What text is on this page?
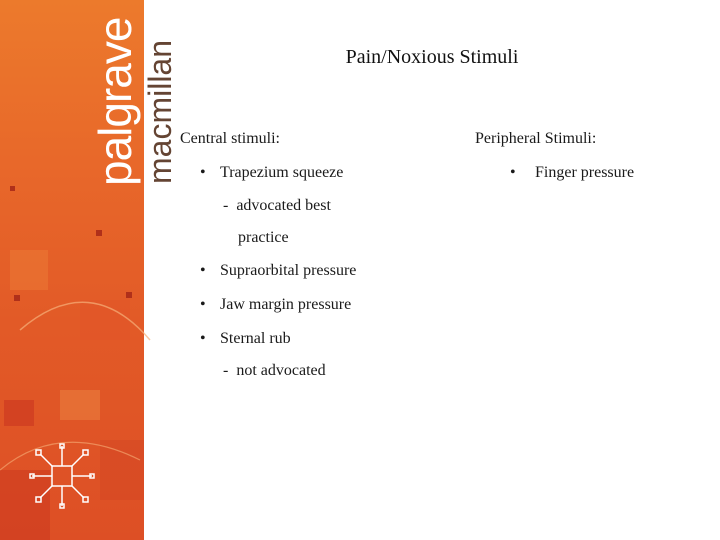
palgrave macmillan	Pain/Noxious Stimuli
Central stimuli:
• Trapezium squeeze
- advocated best
practice
• Supraorbital pressure
• Jaw margin pressure
• Sternal rub
- not advocated
Peripheral Stimuli:
• Finger pressure
